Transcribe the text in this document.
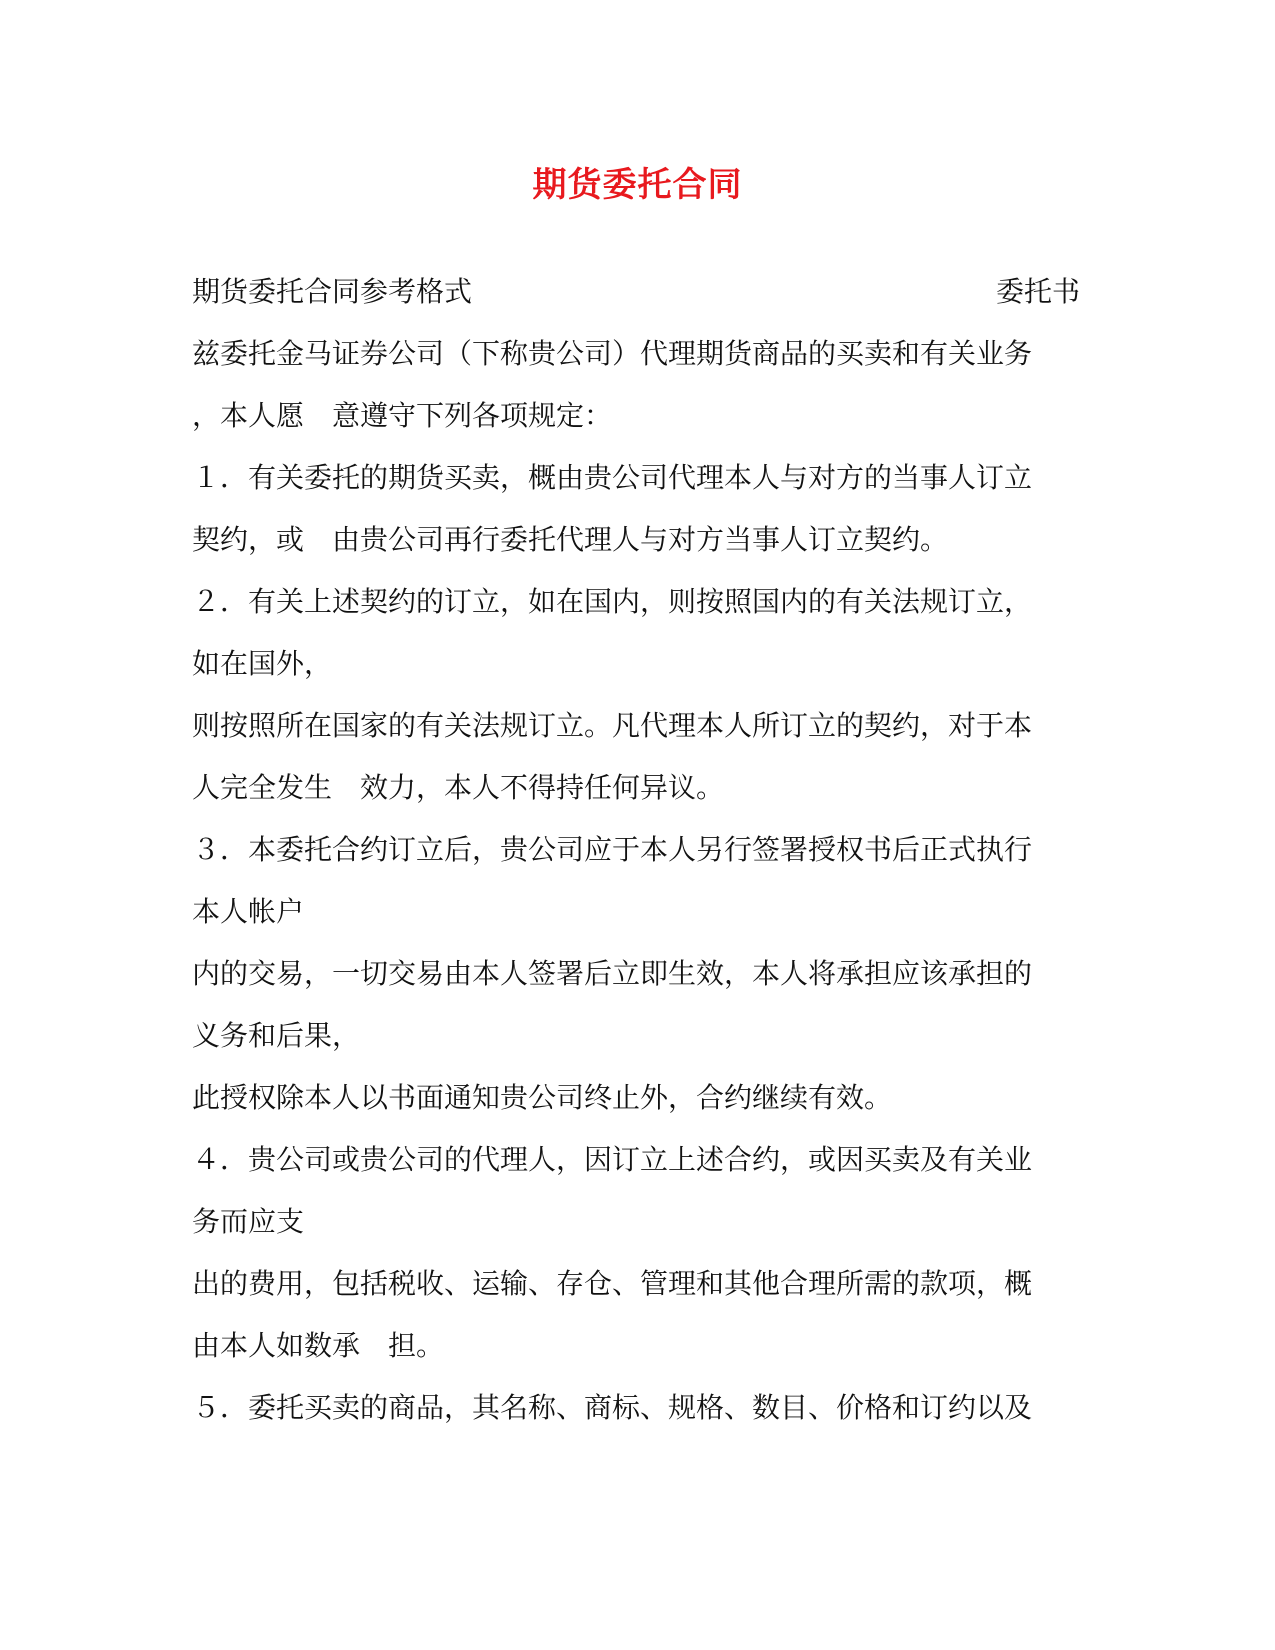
期货委托合同

期货委托合同参考格式	委托书

兹委托金马证券公司（下称贵公司）代理期货商品的买卖和有关业务

，本人愿　意遵守下列各项规定：

１．有关委托的期货买卖，概由贵公司代理本人与对方的当事人订立

契约，或　由贵公司再行委托代理人与对方当事人订立契约。

２．有关上述契约的订立，如在国内，则按照国内的有关法规订立，

如在国外，

则按照所在国家的有关法规订立。凡代理本人所订立的契约，对于本

人完全发生　效力，本人不得持任何异议。

３．本委托合约订立后，贵公司应于本人另行签署授权书后正式执行

本人帐户

内的交易，一切交易由本人签署后立即生效，本人将承担应该承担的

义务和后果，

此授权除本人以书面通知贵公司终止外，合约继续有效。

４．贵公司或贵公司的代理人，因订立上述合约，或因买卖及有关业

务而应支

出的费用，包括税收、运输、存仓、管理和其他合理所需的款项，概

由本人如数承　担。

５．委托买卖的商品，其名称、商标、规格、数目、价格和订约以及
